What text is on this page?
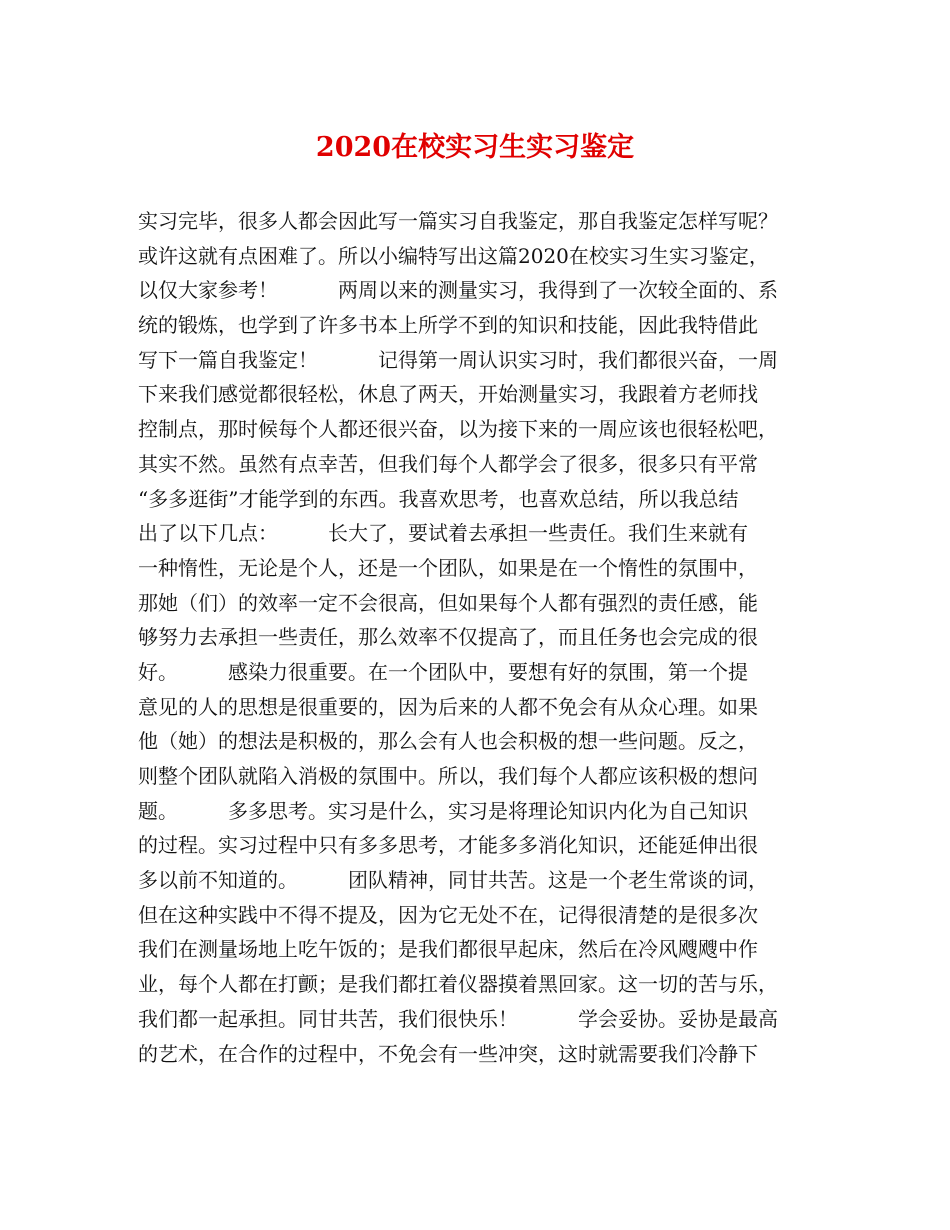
2020在校实习生实习鉴定
实习完毕，很多人都会因此写一篇实习自我鉴定，那自我鉴定怎样写呢？
或许这就有点困难了。所以小编特写出这篇2020在校实习生实习鉴定，
以仅大家参考！　　　两周以来的测量实习，我得到了一次较全面的、系
统的锻炼，也学到了许多书本上所学不到的知识和技能，因此我特借此
写下一篇自我鉴定！　　　记得第一周认识实习时，我们都很兴奋，一周
下来我们感觉都很轻松，休息了两天，开始测量实习，我跟着方老师找
控制点，那时候每个人都还很兴奋，以为接下来的一周应该也很轻松吧，
其实不然。虽然有点幸苦，但我们每个人都学会了很多，很多只有平常
“多多逛街”才能学到的东西。我喜欢思考，也喜欢总结，所以我总结
出了以下几点：　　　长大了，要试着去承担一些责任。我们生来就有
一种惰性，无论是个人，还是一个团队，如果是在一个惰性的氛围中，
那她（们）的效率一定不会很高，但如果每个人都有强烈的责任感，能
够努力去承担一些责任，那么效率不仅提高了，而且任务也会完成的很
好。　　　感染力很重要。在一个团队中，要想有好的氛围，第一个提
意见的人的思想是很重要的，因为后来的人都不免会有从众心理。如果
他（她）的想法是积极的，那么会有人也会积极的想一些问题。反之，
则整个团队就陷入消极的氛围中。所以，我们每个人都应该积极的想问
题。　　　多多思考。实习是什么，实习是将理论知识内化为自己知识
的过程。实习过程中只有多多思考，才能多多消化知识，还能延伸出很
多以前不知道的。　　　团队精神，同甘共苦。这是一个老生常谈的词，
但在这种实践中不得不提及，因为它无处不在，记得很清楚的是很多次
我们在测量场地上吃午饭的；是我们都很早起床，然后在冷风飕飕中作
业，每个人都在打颤；是我们都扛着仪器摸着黑回家。这一切的苦与乐，
我们都一起承担。同甘共苦，我们很快乐！　　　学会妥协。妥协是最高
的艺术，在合作的过程中，不免会有一些冲突，这时就需要我们冷静下
